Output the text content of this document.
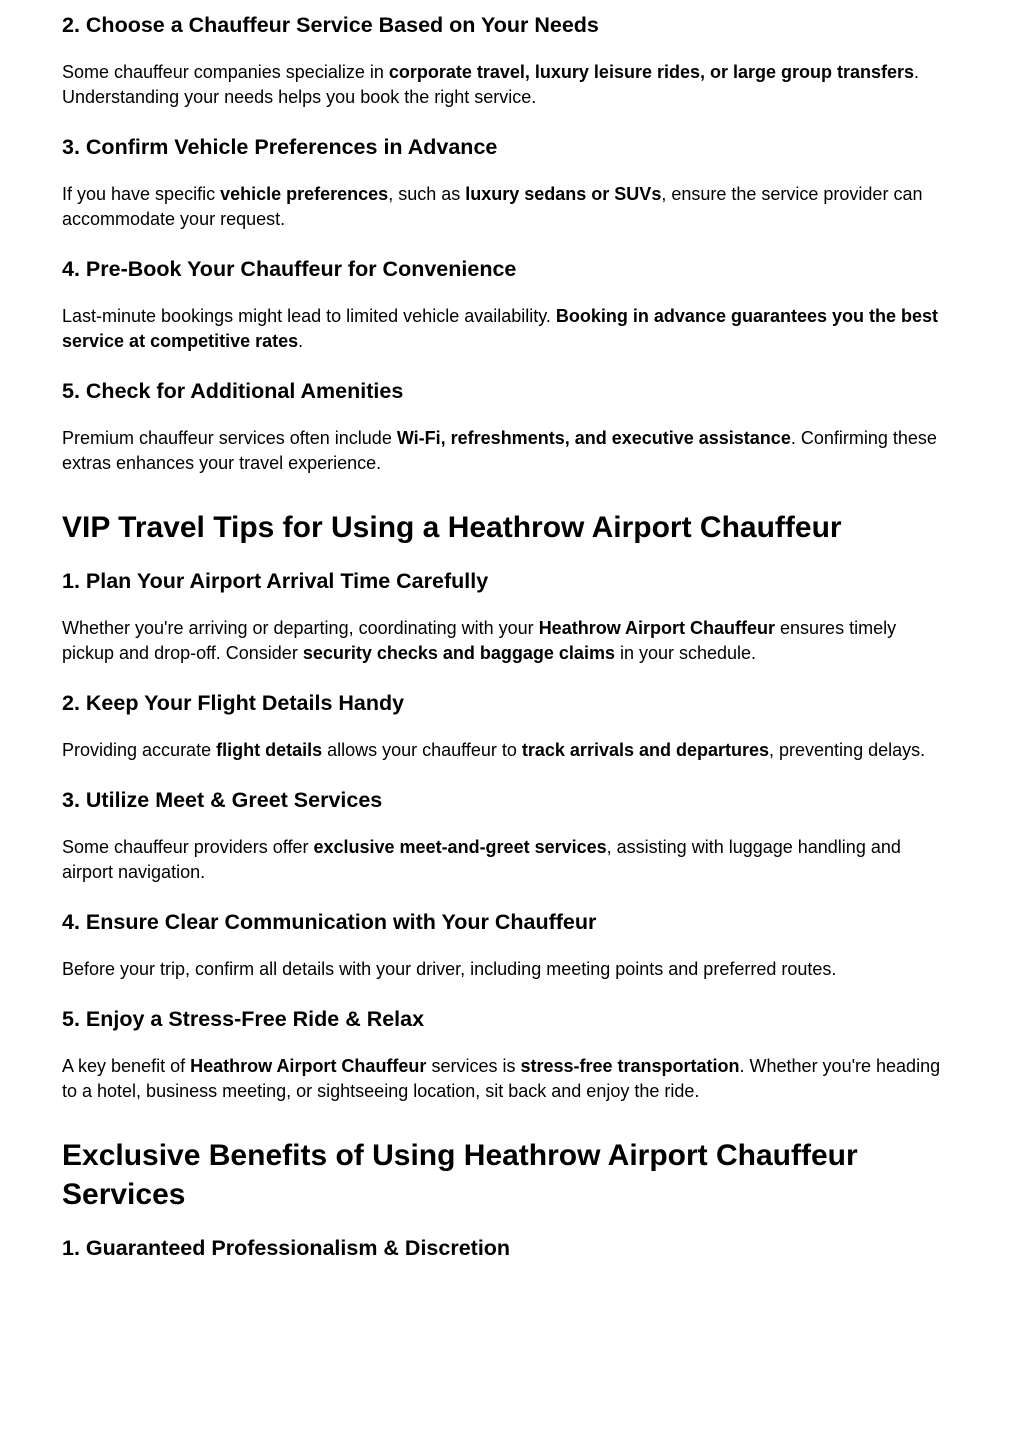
2. Choose a Chauffeur Service Based on Your Needs

Some chauffeur companies specialize in corporate travel, luxury leisure rides, or large group transfers. Understanding your needs helps you book the right service.

3. Confirm Vehicle Preferences in Advance

If you have specific vehicle preferences, such as luxury sedans or SUVs, ensure the service provider can accommodate your request.

4. Pre-Book Your Chauffeur for Convenience

Last-minute bookings might lead to limited vehicle availability. Booking in advance guarantees you the best service at competitive rates.

5. Check for Additional Amenities

Premium chauffeur services often include Wi-Fi, refreshments, and executive assistance. Confirming these extras enhances your travel experience.

VIP Travel Tips for Using a Heathrow Airport Chauffeur
1. Plan Your Airport Arrival Time Carefully

Whether you're arriving or departing, coordinating with your Heathrow Airport Chauffeur ensures timely pickup and drop-off. Consider security checks and baggage claims in your schedule.

2. Keep Your Flight Details Handy

Providing accurate flight details allows your chauffeur to track arrivals and departures, preventing delays.

3. Utilize Meet & Greet Services

Some chauffeur providers offer exclusive meet-and-greet services, assisting with luggage handling and airport navigation.

4. Ensure Clear Communication with Your Chauffeur

Before your trip, confirm all details with your driver, including meeting points and preferred routes.

5. Enjoy a Stress-Free Ride & Relax

A key benefit of Heathrow Airport Chauffeur services is stress-free transportation. Whether you're heading to a hotel, business meeting, or sightseeing location, sit back and enjoy the ride.

Exclusive Benefits of Using Heathrow Airport Chauffeur Services
1. Guaranteed Professionalism & Discretion
